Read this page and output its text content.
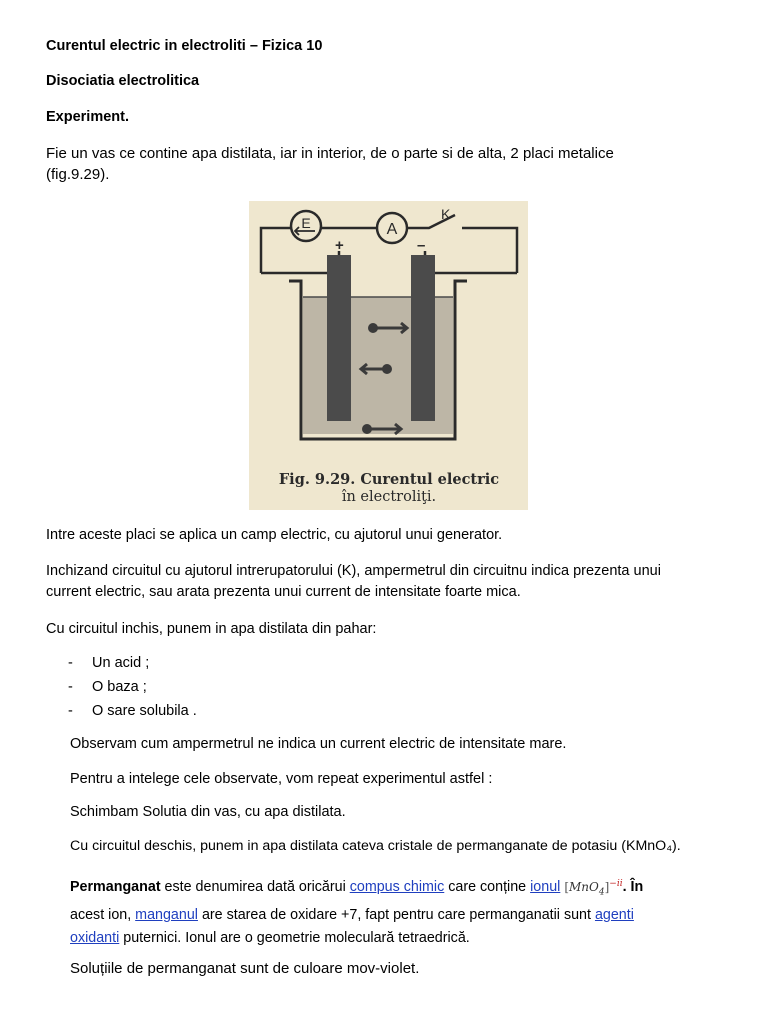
Curentul electric in electroliti – Fizica 10

Disociatia electrolitica

Experiment.

Fie un vas ce contine apa distilata, iar in interior, de o parte si de alta, 2 placi metalice
(fig.9.29).

E	A
K
+	–
Fig. 9.29. Curentul electric
în electroliţi.

Intre aceste placi se aplica un camp electric, cu ajutorul unui generator.

Inchizand circuitul cu ajutorul intrerupatorului (K), ampermetrul din circuitnu indica prezenta unui
current electric, sau arata prezenta unui current de intensitate foarte mica.

Cu circuitul inchis, punem in apa distilata din pahar:

- Un acid ;
- O baza ;
- O sare solubila .

Observam cum ampermetrul ne indica un current electric de intensitate mare.

Pentru a intelege cele observate, vom repeat experimentul astfel :

Schimbam Solutia din vas, cu apa distilata.

Cu circuitul deschis, punem in apa distilata cateva cristale de permanganate de potasiu (KMnO₄).

Permanganat este denumirea dată oricărui compus chimic care conține ionul $[MnO_4]^{-ii}$. În
acest ion, manganul are starea de oxidare +7, fapt pentru care permanganatii sunt agenti
oxidanti puternici. Ionul are o geometrie moleculară tetraedrică.

Soluțiile de permanganat sunt de culoare mov-violet.
